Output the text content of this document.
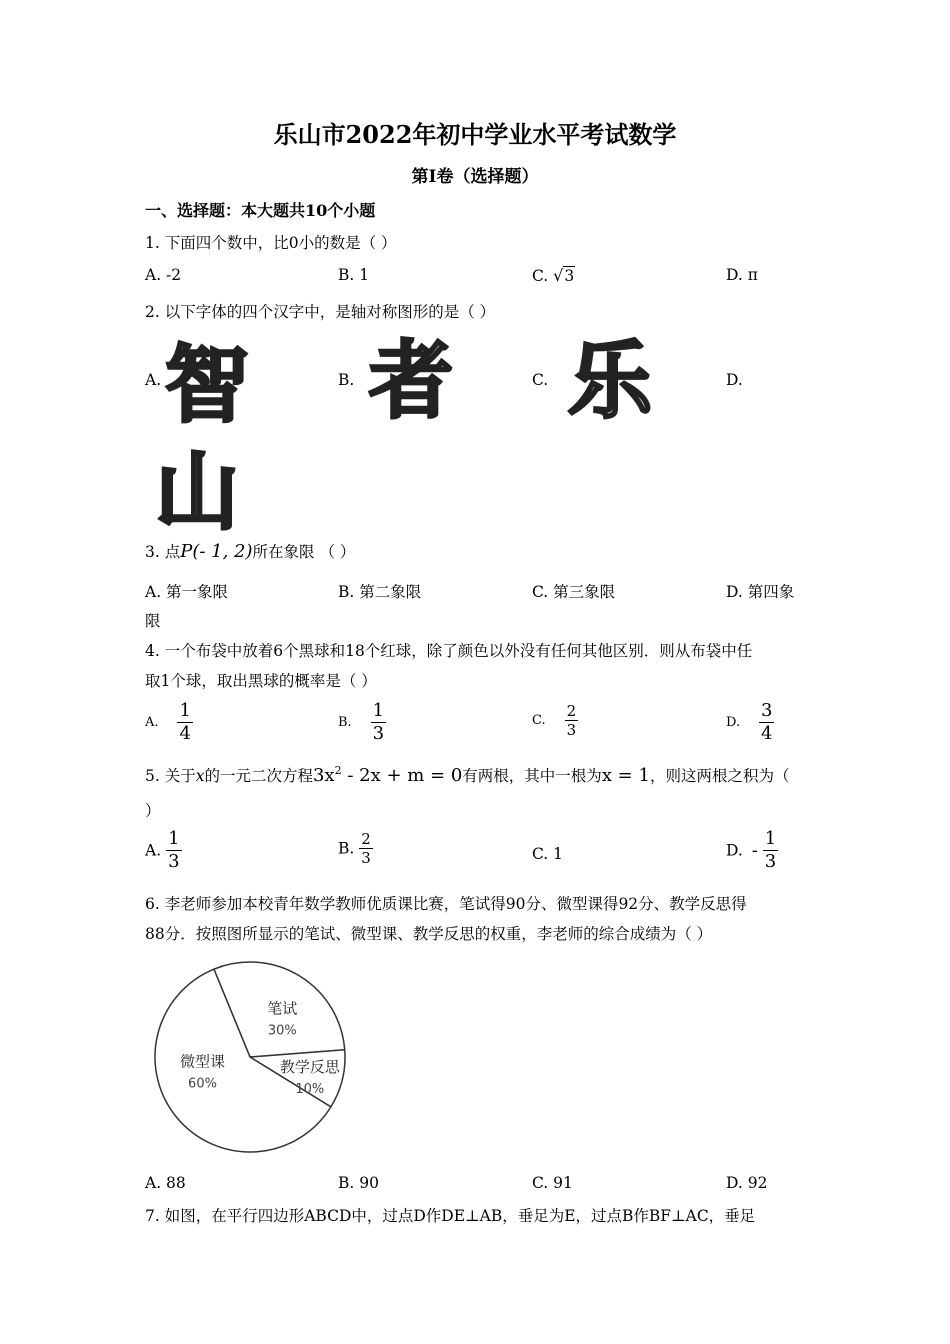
乐山市2022年初中学业水平考试数学
第Ⅰ卷（选择题）
一、选择题：本大题共10个小题
1. 下面四个数中，比0小的数是（ ）
A. -2	B. 1	C. √3	D. π
2. 以下字体的四个汉字中，是轴对称图形的是（ ）
A.	B.	C.	D.
智 者 乐
山
3. 点P(- 1, 2)所在象限 （ ）
A. 第一象限	B. 第二象限	C. 第三象限	D. 第四象
限
4. 一个布袋中放着6个黑球和18个红球，除了颜色以外没有任何其他区别．则从布袋中任
取1个球，取出黑球的概率是（ ）
A. $\frac{1}{4}$	B. $\frac{1}{3}$	C. $\frac{2}{3}$	D. $\frac{3}{4}$
5. 关于x的一元二次方程$3x^2 - 2x + m = 0$有两根，其中一根为x = 1，则这两根之积为（
）
A. $\frac{1}{3}$	B. $\frac{2}{3}$	C. 1	D. - $\frac{1}{3}$
6. 李老师参加本校青年数学教师优质课比赛，笔试得90分、微型课得92分、教学反思得
88分．按照图所显示的笔试、微型课、教学反思的权重，李老师的综合成绩为（ ）
笔试
30%
教学反思
10%
微型课
60%
A. 88	B. 90	C. 91	D. 92
7. 如图，在平行四边形ABCD中，过点D作DE⊥AB，垂足为E，过点B作BF⊥AC，垂足
